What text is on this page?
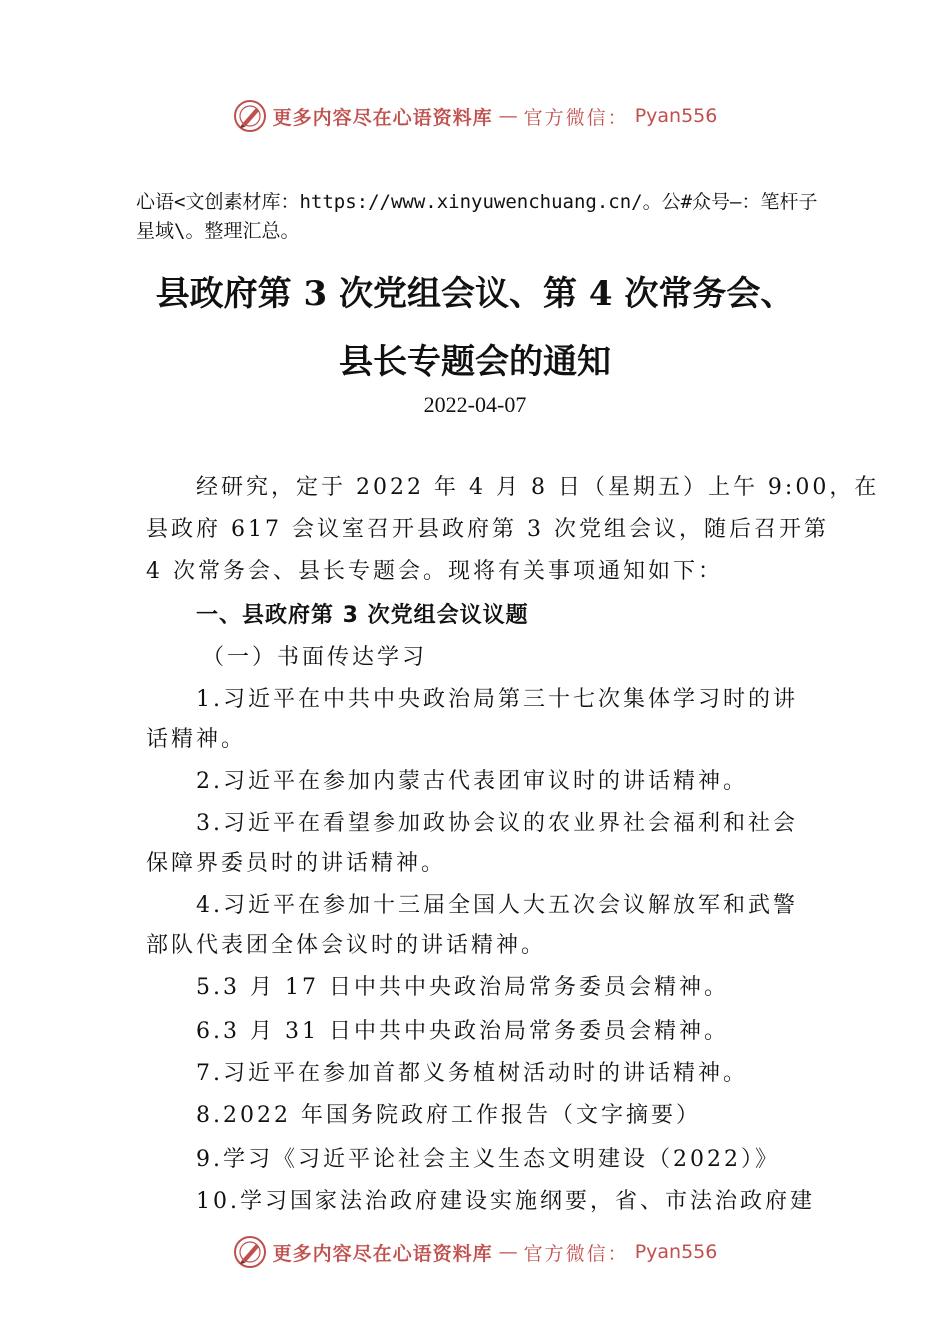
更多内容尽在心语资料库 — 官方微信： Pyan556
心语<文创素材库：https://www.xinyuwenchuang.cn/。公#众号—：笔杆子星域\。整理汇总。
县政府第 3 次党组会议、第 4 次常务会、
县长专题会的通知
2022-04-07
经研究，定于 2022 年 4 月 8 日（星期五）上午 9:00，在
县政府 617 会议室召开县政府第 3 次党组会议，随后召开第
4 次常务会、县长专题会。现将有关事项通知如下：
一、县政府第 3 次党组会议议题
（一）书面传达学习
1.习近平在中共中央政治局第三十七次集体学习时的讲
话精神。
2.习近平在参加内蒙古代表团审议时的讲话精神。
3.习近平在看望参加政协会议的农业界社会福利和社会
保障界委员时的讲话精神。
4.习近平在参加十三届全国人大五次会议解放军和武警
部队代表团全体会议时的讲话精神。
5.3 月 17 日中共中央政治局常务委员会精神。
6.3 月 31 日中共中央政治局常务委员会精神。
7.习近平在参加首都义务植树活动时的讲话精神。
8.2022 年国务院政府工作报告（文字摘要）
9.学习《习近平论社会主义生态文明建设（2022）》
10.学习国家法治政府建设实施纲要，省、市法治政府建
更多内容尽在心语资料库 — 官方微信： Pyan556
